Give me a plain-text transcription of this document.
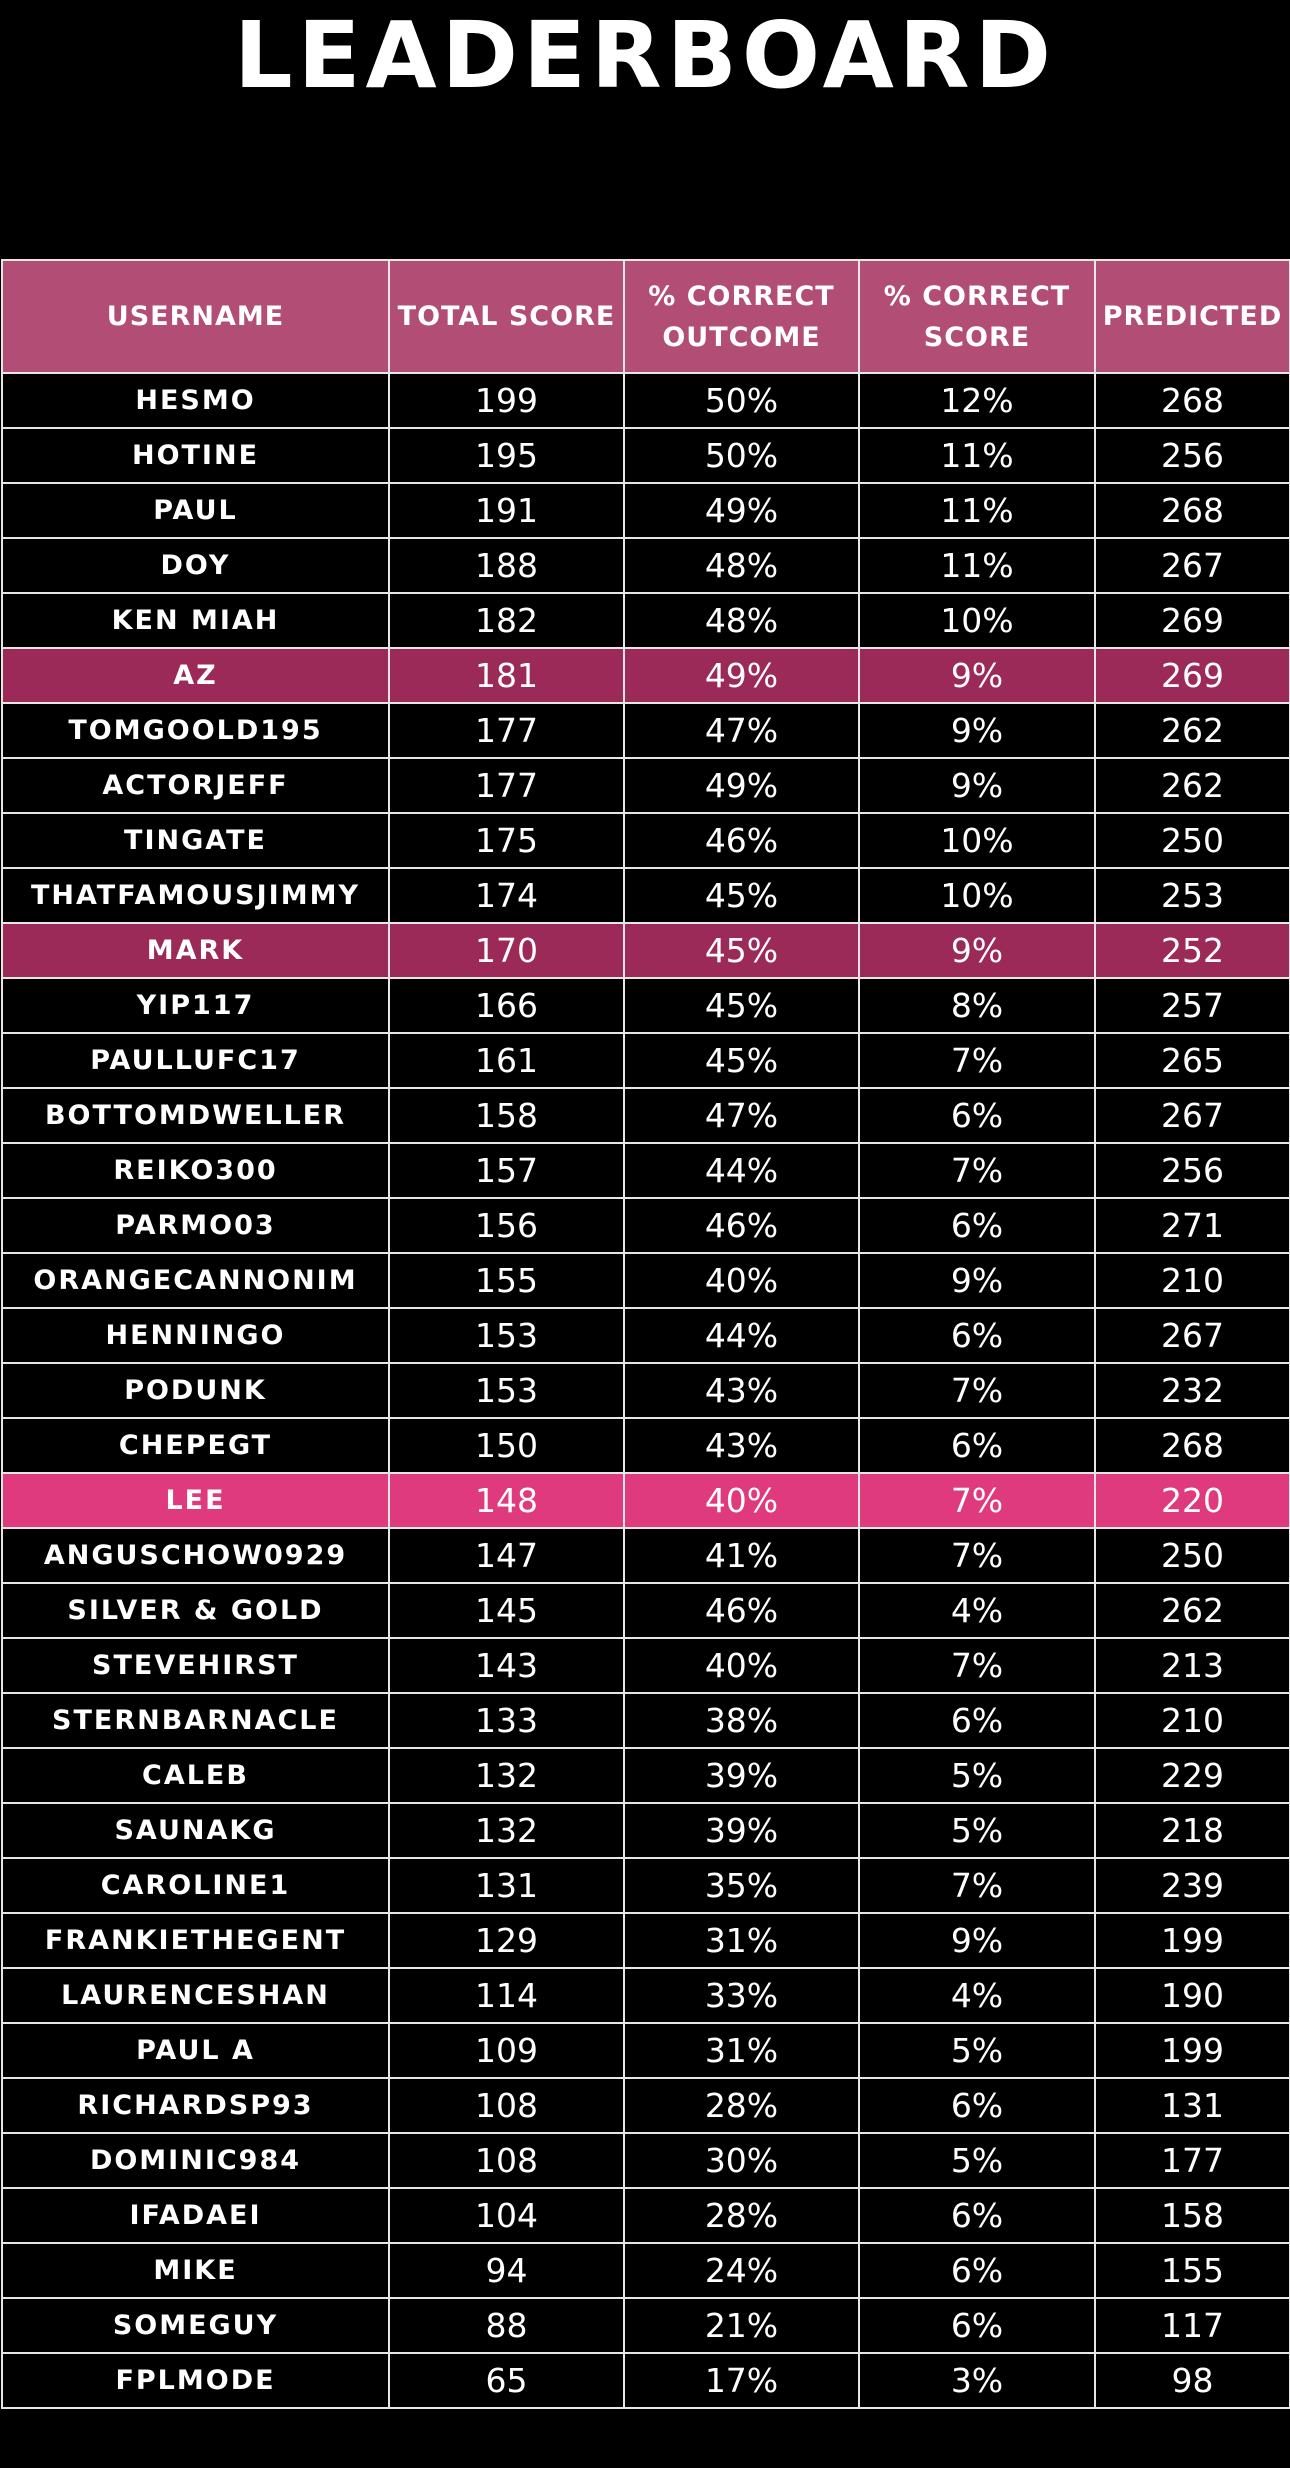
LEADERBOARD
USERNAME	TOTAL SCORE	% CORRECT OUTCOME	% CORRECT SCORE	PREDICTED
HESMO	199	50%	12%	268
HOTINE	195	50%	11%	256
PAUL	191	49%	11%	268
DOY	188	48%	11%	267
KEN MIAH	182	48%	10%	269
AZ	181	49%	9%	269
TOMGOOLD195	177	47%	9%	262
ACTORJEFF	177	49%	9%	262
TINGATE	175	46%	10%	250
THATFAMOUSJIMMY	174	45%	10%	253
MARK	170	45%	9%	252
YIP117	166	45%	8%	257
PAULLUFC17	161	45%	7%	265
BOTTOMDWELLER	158	47%	6%	267
REIKO300	157	44%	7%	256
PARMO03	156	46%	6%	271
ORANGECANNONIM	155	40%	9%	210
HENNINGO	153	44%	6%	267
PODUNK	153	43%	7%	232
CHEPEGT	150	43%	6%	268
LEE	148	40%	7%	220
ANGUSCHOW0929	147	41%	7%	250
SILVER & GOLD	145	46%	4%	262
STEVEHIRST	143	40%	7%	213
STERNBARNACLE	133	38%	6%	210
CALEB	132	39%	5%	229
SAUNAKG	132	39%	5%	218
CAROLINE1	131	35%	7%	239
FRANKIETHEGENT	129	31%	9%	199
LAURENCESHAN	114	33%	4%	190
PAUL A	109	31%	5%	199
RICHARDSP93	108	28%	6%	131
DOMINIC984	108	30%	5%	177
IFADAEI	104	28%	6%	158
MIKE	94	24%	6%	155
SOMEGUY	88	21%	6%	117
FPLMODE	65	17%	3%	98
